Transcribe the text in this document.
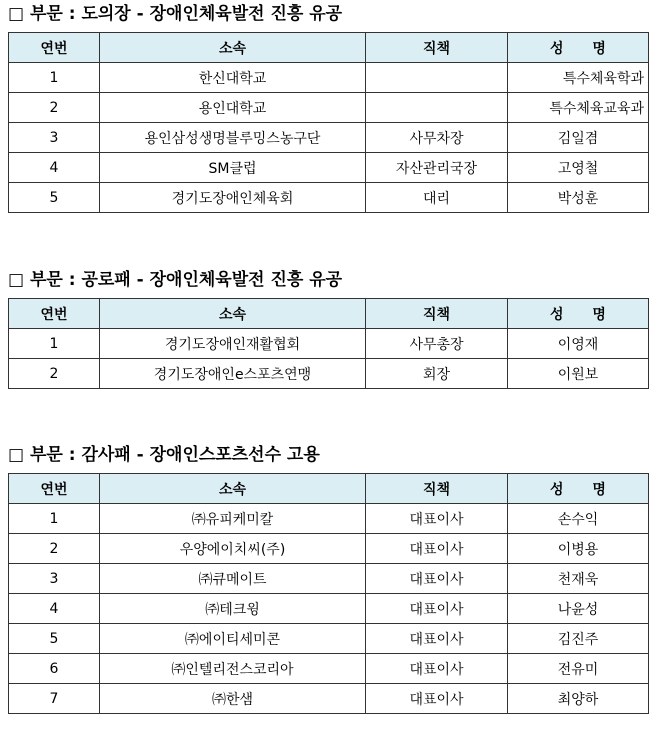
□ 부문 : 도의장 - 장애인체육발전 진흥 유공
연번	소속	직책	성 명
1	한신대학교		특수체육학과
2	용인대학교		특수체육교육과
3	용인삼성생명블루밍스농구단	사무차장	김일겸
4	SM클럽	자산관리국장	고영철
5	경기도장애인체육회	대리	박성훈
□ 부문 : 공로패 - 장애인체육발전 진흥 유공
연번	소속	직책	성 명
1	경기도장애인재활협회	사무총장	이영재
2	경기도장애인e스포츠연맹	회장	이원보
□ 부문 : 감사패 - 장애인스포츠선수 고용
연번	소속	직책	성 명
1	㈜유피케미칼	대표이사	손수익
2	우양에이치씨(주)	대표이사	이병용
3	㈜큐메이트	대표이사	천재욱
4	㈜테크윙	대표이사	나윤성
5	㈜에이티세미콘	대표이사	김진주
6	㈜인텔리전스코리아	대표이사	전유미
7	㈜한샘	대표이사	최양하
